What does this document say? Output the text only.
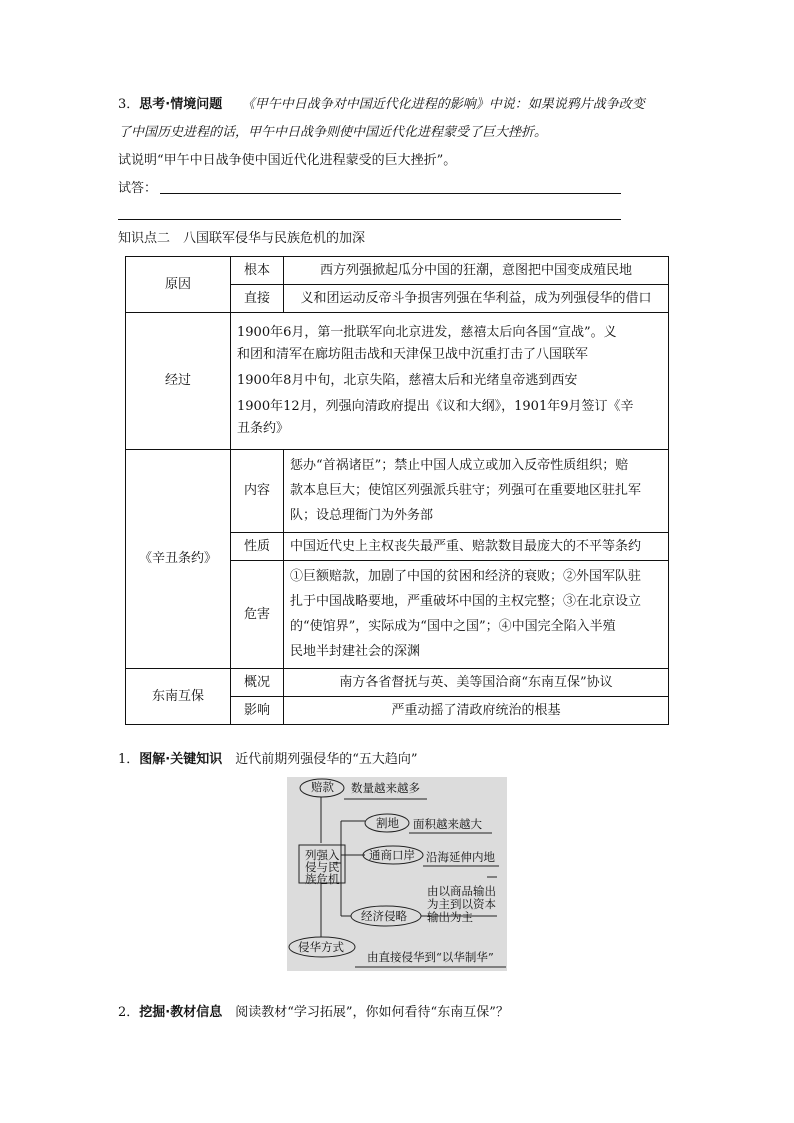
3．思考·情境问题　　 《甲午中日战争对中国近代化进程的影响》中说：如果说鸦片战争改变
了中国历史进程的话，甲午中日战争则使中国近代化进程蒙受了巨大挫折。
试说明“甲午中日战争使中国近代化进程蒙受的巨大挫折”。
试答：
知识点二　八国联军侵华与民族危机的加深
原因	根本	西方列强掀起瓜分中国的狂潮，意图把中国变成殖民地
	直接	义和团运动反帝斗争损害列强在华利益，成为列强侵华的借口
经过	1900年6月，第一批联军向北京进发，慈禧太后向各国“宣战”。义
和团和清军在廊坊阻击战和天津保卫战中沉重打击了八国联军
1900年8月中旬，北京失陷，慈禧太后和光绪皇帝逃到西安
1900年12月，列强向清政府提出《议和大纲》，1901年9月签订《辛
丑条约》	

《辛丑条约》	内容	惩办“首祸诸臣”；禁止中国人成立或加入反帝性质组织；赔
款本息巨大；使馆区列强派兵驻守；列强可在重要地区驻扎军
队；设总理衙门为外务部

	性质	中国近代史上主权丧失最严重、赔款数目最庞大的不平等条约
	危害	①巨额赔款，加剧了中国的贫困和经济的衰败；②外国军队驻
扎于中国战略要地，严重破坏中国的主权完整；③在北京设立
的“使馆界”，实际成为“国中之国”；④中国完全陷入半殖
民地半封建社会的深渊

东南互保	概况	南方各省督抚与英、美等国洽商“东南互保”协议
	影响	严重动摇了清政府统治的根基
1．图解·关键知识　 近代前期列强侵华的“五大趋向”
赔款 数量越来越多
割地 面积越来越大
通商口岸 沿海延伸内地
列强入
侵与民
族危机
由以商品输出
为主到以资本
输出为主
经济侵略
侵华方式
由直接侵华到“以华制华”
2．挖掘·教材信息　 阅读教材“学习拓展”，你如何看待“东南互保”？
